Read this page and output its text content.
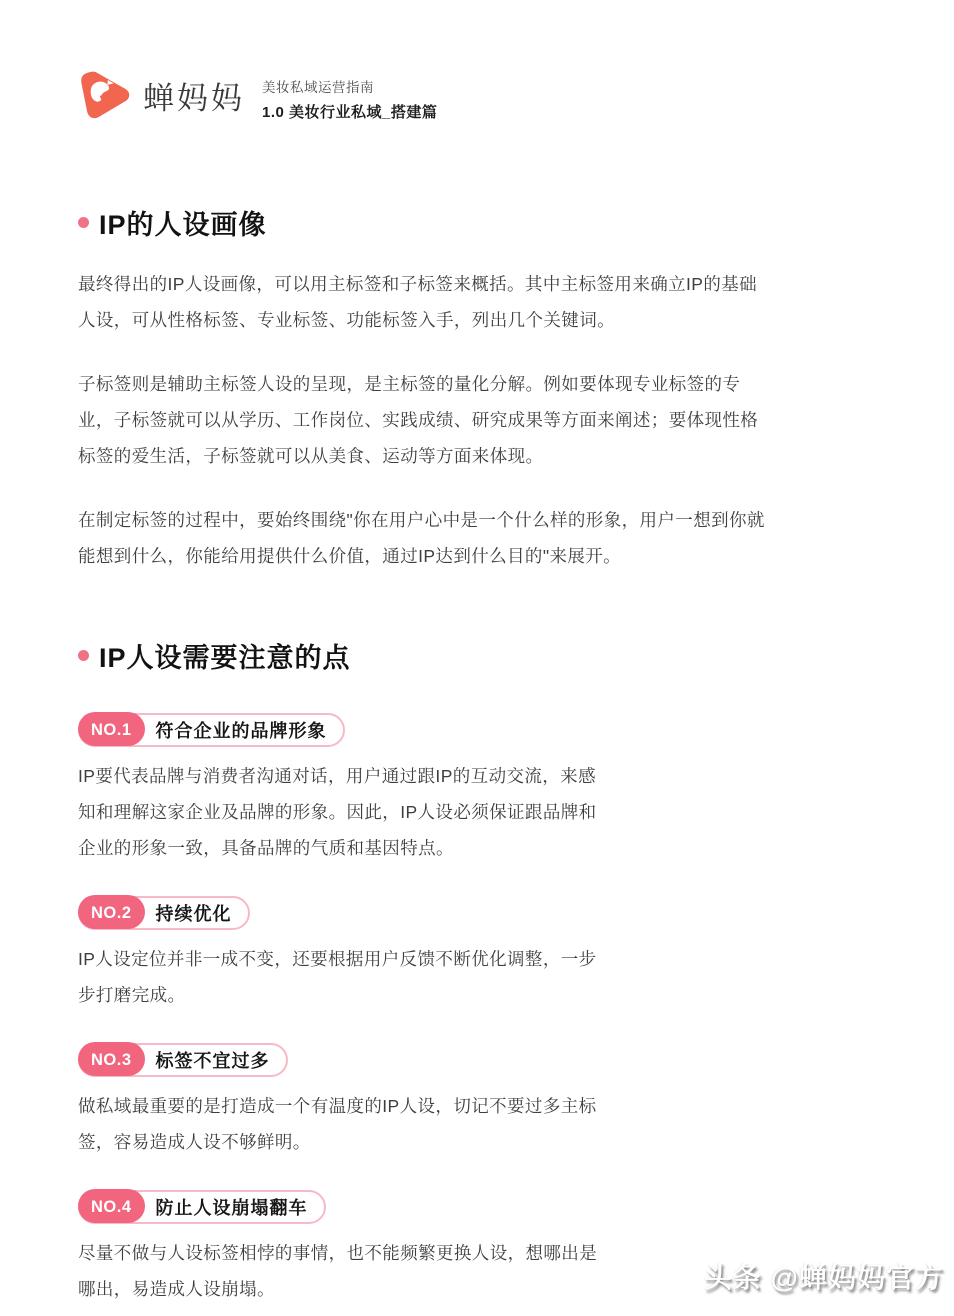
蝉妈妈 美妆私域运营指南
1.0 美妆行业私域_搭建篇
IP的人设画像

最终得出的IP人设画像，可以用主标签和子标签来概括。其中主标签用来确立IP的基础人设，可从性格标签、专业标签、功能标签入手，列出几个关键词。

子标签则是辅助主标签人设的呈现，是主标签的量化分解。例如要体现专业标签的专业，子标签就可以从学历、工作岗位、实践成绩、研究成果等方面来阐述；要体现性格标签的爱生活，子标签就可以从美食、运动等方面来体现。

在制定标签的过程中，要始终围绕"你在用户心中是一个什么样的形象，用户一想到你就能想到什么，你能给用提供什么价值，通过IP达到什么目的"来展开。

IP人设需要注意的点
NO.1	符合企业的品牌形象

IP要代表品牌与消费者沟通对话，用户通过跟IP的互动交流，来感知和理解这家企业及品牌的形象。因此，IP人设必须保证跟品牌和企业的形象一致，具备品牌的气质和基因特点。

NO.2	持续优化

IP人设定位并非一成不变，还要根据用户反馈不断优化调整，一步步打磨完成。

NO.3	标签不宜过多

做私域最重要的是打造成一个有温度的IP人设，切记不要过多主标签，容易造成人设不够鲜明。

NO.4	防止人设崩塌翻车

尽量不做与人设标签相悖的事情，也不能频繁更换人设，想哪出是哪出，易造成人设崩塌。	头条 @蝉妈妈官方
